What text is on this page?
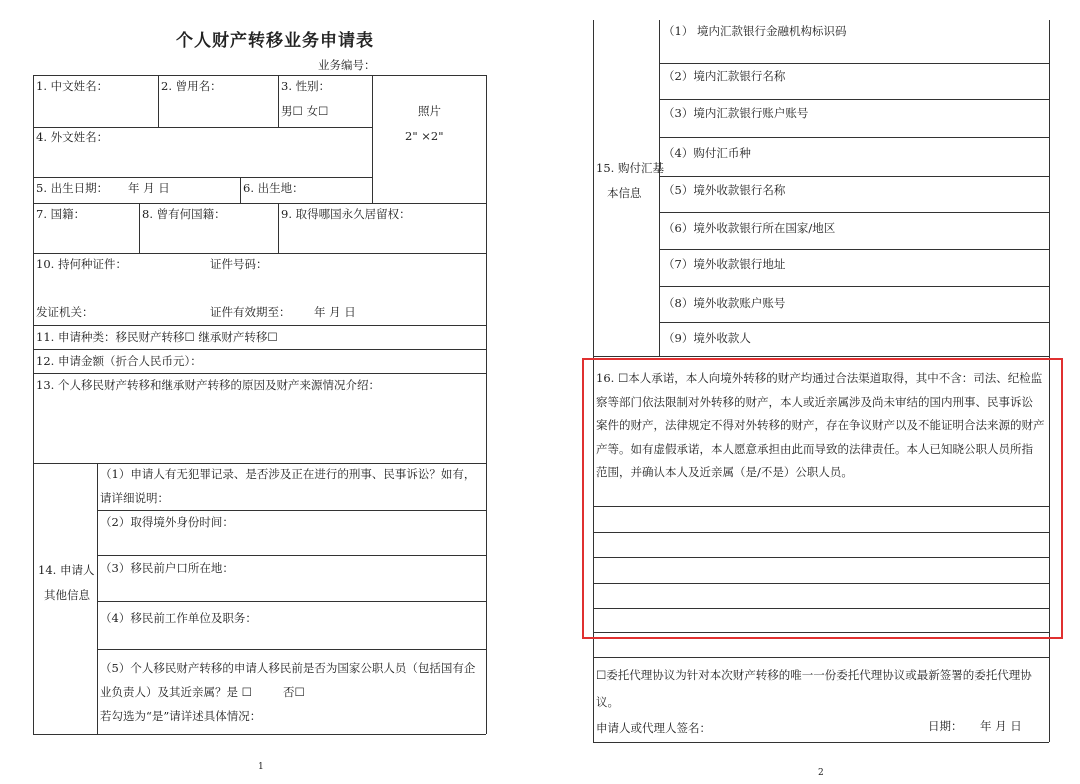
个人财产转移业务申请表
业务编号：
1. 中文姓名：	2. 曾用名：	3. 性别：
男☐ 女☐	照片
2" ×2"
4. 外文姓名：
5. 出生日期： 年 月 日	6. 出生地：
7. 国籍：	8. 曾有何国籍：	9. 取得哪国永久居留权：
10. 持何种证件：	证件号码：
发证机关：	证件有效期至： 年 月 日
11. 申请种类：移民财产转移☐ 继承财产转移☐
12. 申请金额（折合人民币元）：
13. 个人移民财产转移和继承财产转移的原因及财产来源情况介绍：
14. 申请人
其他信息
（1）申请人有无犯罪记录、是否涉及正在进行的刑事、民事诉讼？如有，
请详细说明：
（2）取得境外身份时间：
（3）移民前户口所在地：
（4）移民前工作单位及职务：
（5）个人移民财产转移的申请人移民前是否为国家公职人员（包括国有企
业负责人）及其近亲属？是 ☐	否☐
若勾选为“是”请详述具体情况：
1
15. 购付汇基
本信息
（1） 境内汇款银行金融机构标识码
（2）境内汇款银行名称
（3）境内汇款银行账户账号
（4）购付汇币种
（5）境外收款银行名称
（6）境外收款银行所在国家/地区
（7）境外收款银行地址
（8）境外收款账户账号
（9）境外收款人
16. ☐本人承诺，本人向境外转移的财产均通过合法渠道取得，其中不含：司法、纪检监
察等部门依法限制对外转移的财产，本人或近亲属涉及尚未审结的国内刑事、民事诉讼
案件的财产，法律规定不得对外转移的财产，存在争议财产以及不能证明合法来源的财产
产等。如有虚假承诺，本人愿意承担由此而导致的法律责任。本人已知晓公职人员所指
范围，并确认本人及近亲属（是/不是）公职人员。
☐委托代理协议为针对本次财产转移的唯一一份委托代理协议或最新签署的委托代理协
议。
申请人或代理人签名：	日期： 年 月 日
2
